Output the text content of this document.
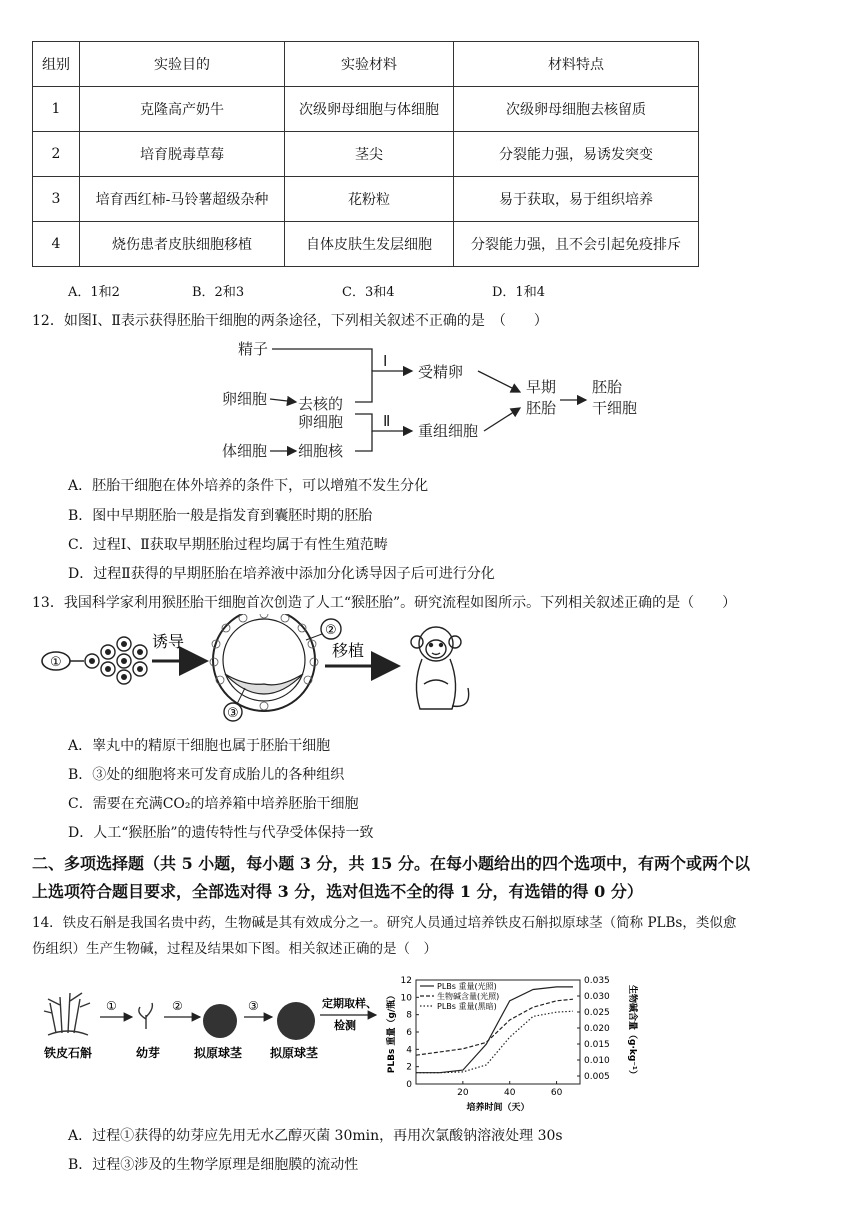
组别	实验目的	实验材料	材料特点
1	克隆高产奶牛	次级卵母细胞与体细胞	次级卵母细胞去核留质
2	培育脱毒草莓	茎尖	分裂能力强，易诱发突变
3	培育西红柿-马铃薯超级杂种	花粉粒	易于获取，易于组织培养
4	烧伤患者皮肤细胞移植	自体皮肤生发层细胞	分裂能力强，且不会引起免疫排斥
A．1和2	B．2和3	C．3和4	D．1和4
12．如图Ⅰ、Ⅱ表示获得胚胎干细胞的两条途径，下列相关叙述不正确的是　（　　）
精子
卵细胞 去核的
卵细胞
体细胞 细胞核
Ⅰ
Ⅱ
受精卵
重组细胞
早期
胚胎
胚胎
干细胞
A．胚胎干细胞在体外培养的条件下，可以增殖不发生分化
B．图中早期胚胎一般是指发育到囊胚时期的胚胎
C．过程Ⅰ、Ⅱ获取早期胚胎过程均属于有性生殖范畴
D．过程Ⅱ获得的早期胚胎在培养液中添加分化诱导因子后可进行分化
13．我国科学家利用猴胚胎干细胞首次创造了人工“猴胚胎”。研究流程如图所示。下列相关叙述正确的是（　　）
①
诱导
②
③
移植
A．睾丸中的精原干细胞也属于胚胎干细胞
B．③处的细胞将来可发育成胎儿的各种组织
C．需要在充满CO₂的培养箱中培养胚胎干细胞
D．人工“猴胚胎”的遗传特性与代孕受体保持一致
二、多项选择题（共 5 小题，每小题 3 分，共 15 分。在每小题给出的四个选项中，有两个或两个以
上选项符合题目要求，全部选对得 3 分，选对但选不全的得 1 分，有选错的得 0 分）
14．铁皮石斛是我国名贵中药，生物碱是其有效成分之一。研究人员通过培养铁皮石斛拟原球茎（简称 PLBs，类似愈
伤组织）生产生物碱，过程及结果如下图。相关叙述正确的是（　）
铁皮石斛
①
幼芽
②
拟原球茎
③
拟原球茎
定期取样、
检测
0
2
4
6
8
10
12
0.005
0.010
0.015
0.020
0.025
0.030
0.035
20	40	60
培养时间（天）
PLBs 重量（g/瓶）	生物碱含量（g·kg⁻¹）
PLBs 重量(光照)
生物碱含量(光照)
PLBs 重量(黑暗)
A．过程①获得的幼芽应先用无水乙醇灭菌 30min，再用次氯酸钠溶液处理 30s
B．过程③涉及的生物学原理是细胞膜的流动性
